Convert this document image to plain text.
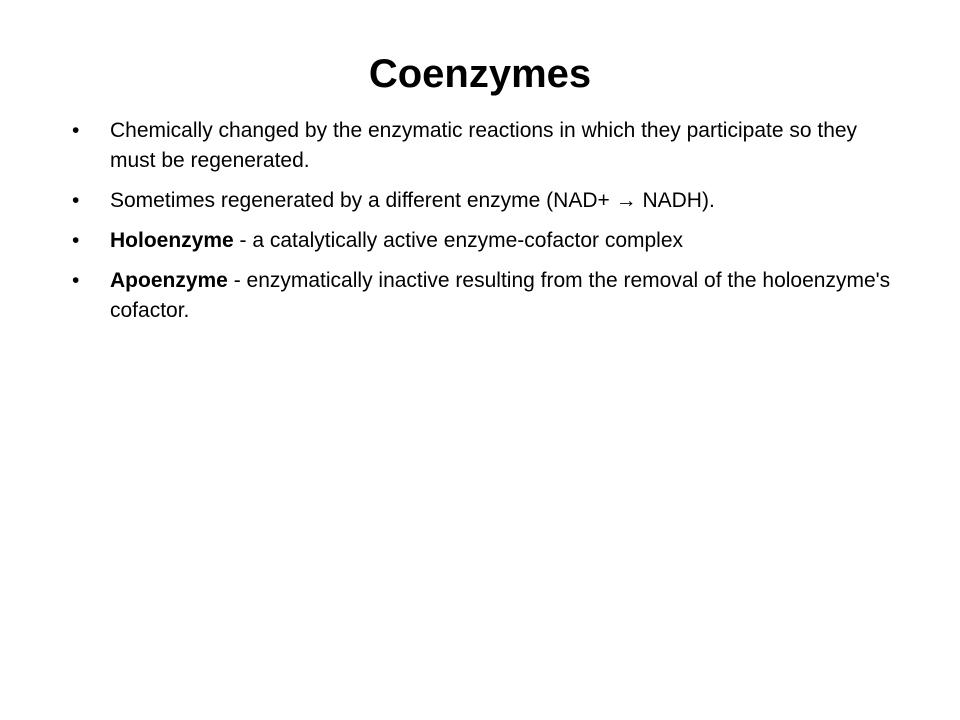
Coenzymes
•	Chemically changed by the enzymatic reactions in which they participate so they must be regenerated.
•	Sometimes regenerated by a different enzyme (NAD+ → NADH).
•	Holoenzyme - a catalytically active enzyme-cofactor complex
•	Apoenzyme - enzymatically inactive resulting from the removal of the holoenzyme's cofactor.
